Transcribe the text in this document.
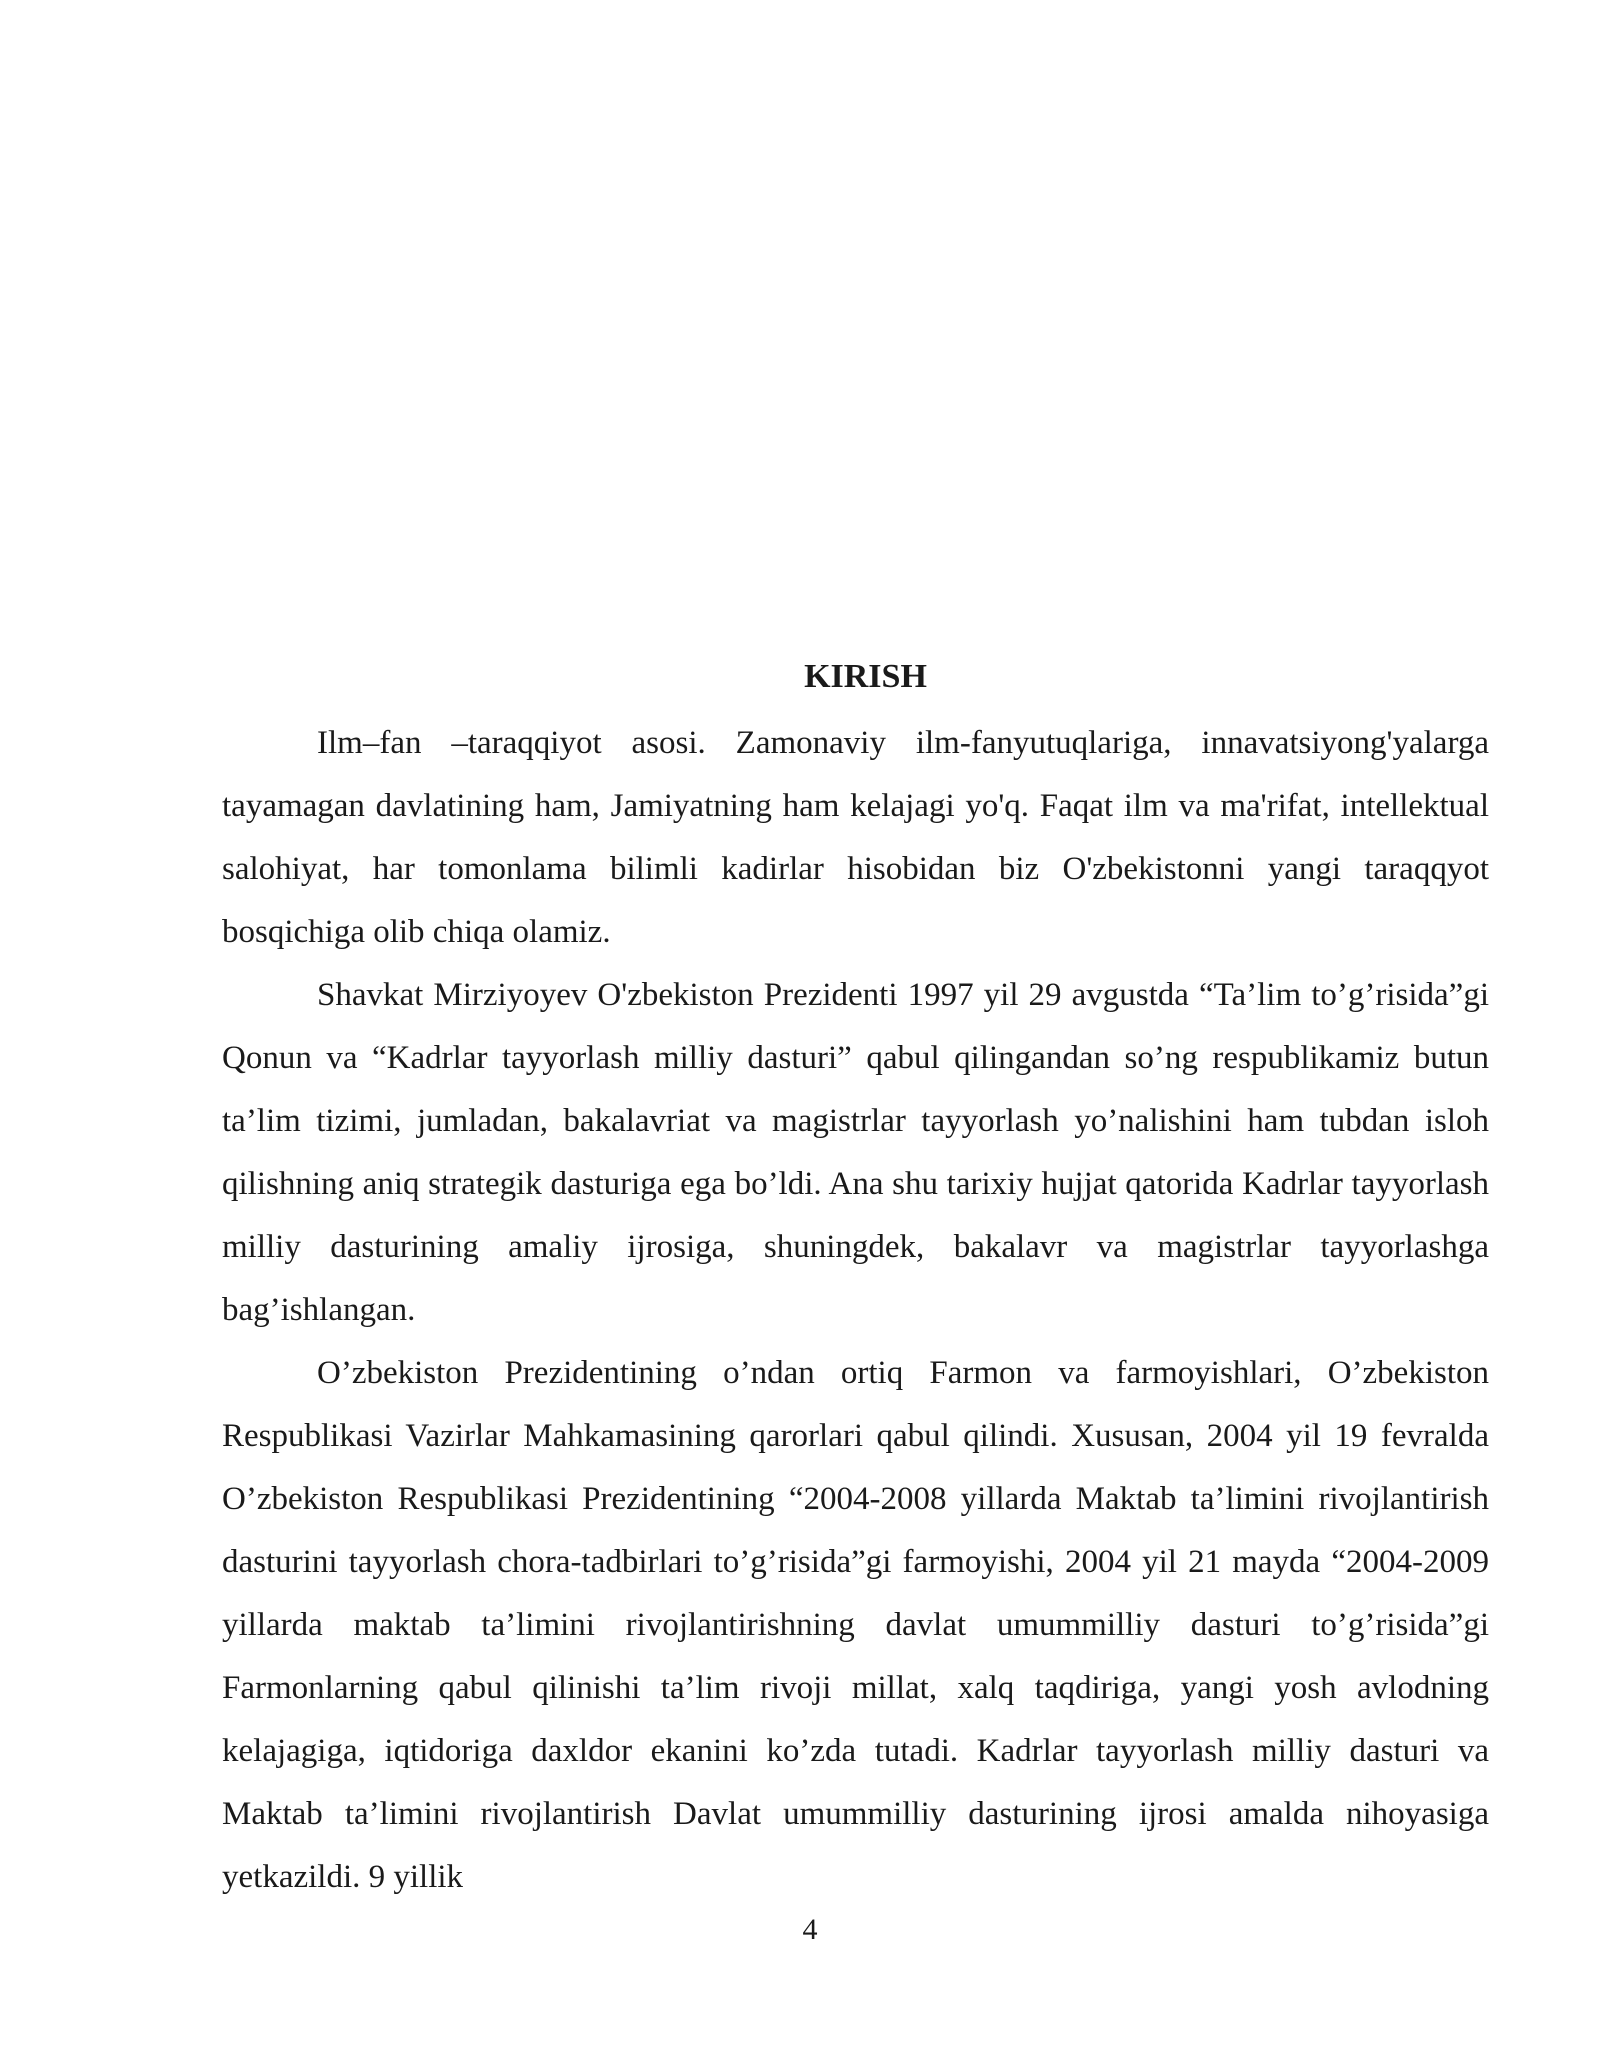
KIRISH

Ilm–fan –taraqqiyot asosi. Zamonaviy ilm-fanyutuqlariga, innavatsiyong'yalarga tayamagan davlatining ham, Jamiyatning ham kelajagi yo'q. Faqat ilm va ma'rifat, intellektual salohiyat, har tomonlama bilimli kadirlar hisobidan biz O'zbekistonni yangi taraqqyot bosqichiga olib chiqa olamiz.

Shavkat Mirziyoyev O'zbekiston Prezidenti 1997 yil 29 avgustda “Ta’lim to’g’risida”gi Qonun va “Kadrlar tayyorlash milliy dasturi” qabul qilingandan so’ng respublikamiz butun ta’lim tizimi, jumladan, bakalavriat va magistrlar tayyorlash yo’nalishini ham tubdan isloh qilishning aniq strategik dasturiga ega bo’ldi. Ana shu tarixiy hujjat qatorida Kadrlar tayyorlash milliy dasturining amaliy ijrosiga, shuningdek, bakalavr va magistrlar tayyorlashga bag’ishlangan.

O’zbekiston Prezidentining o’ndan ortiq Farmon va farmoyishlari, O’zbekiston Respublikasi Vazirlar Mahkamasining qarorlari qabul qilindi. Xususan, 2004 yil 19 fevralda O’zbekiston Respublikasi Prezidentining “2004-2008 yillarda Maktab ta’limini rivojlantirish dasturini tayyorlash chora-tadbirlari to’g’risida”gi farmoyishi, 2004 yil 21 mayda “2004-2009 yillarda maktab ta’limini rivojlantirishning davlat umummilliy dasturi to’g’risida”gi Farmonlarning qabul qilinishi ta’lim rivoji millat, xalq taqdiriga, yangi yosh avlodning kelajagiga, iqtidoriga daxldor ekanini ko’zda tutadi. Kadrlar tayyorlash milliy dasturi va Maktab ta’limini rivojlantirish Davlat umummilliy dasturining ijrosi amalda nihoyasiga yetkazildi. 9 yillik

4
